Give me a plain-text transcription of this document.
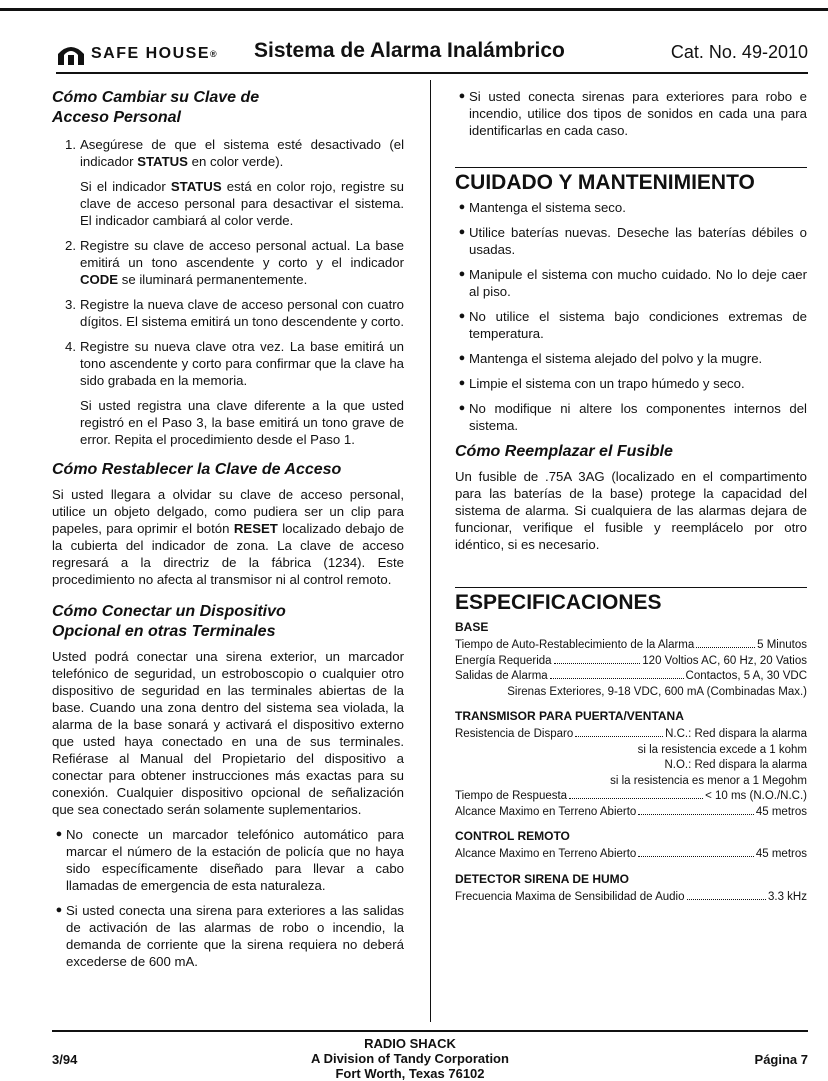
SAFE HOUSE ® Sistema de Alarma Inalámbrico	Cat. No. 49-2010
Cómo Cambiar su Clave de
Acceso Personal
1. Asegúrese de que el sistema esté desactivado (el indicador STATUS en color verde).

Si el indicador STATUS está en color rojo, registre su clave de acceso personal para desactivar el sistema. El indicador cambiará al color verde.

2. Registre su clave de acceso personal actual. La base emitirá un tono ascendente y corto y el indicador CODE se iluminará permanentemente.

3. Registre la nueva clave de acceso personal con cuatro dígitos. El sistema emitirá un tono descendente y corto.

4. Registre su nueva clave otra vez. La base emitirá un tono ascendente y corto para confirmar que la clave ha sido grabada en la memoria.

Si usted registra una clave diferente a la que usted registró en el Paso 3, la base emitirá un tono grave de error. Repita el procedimiento desde el Paso 1.

Cómo Restablecer la Clave de Acceso

Si usted llegara a olvidar su clave de acceso personal, utilice un objeto delgado, como pudiera ser un clip para papeles, para oprimir el botón RESET localizado debajo de la cubierta del indicador de zona. La clave de acceso regresará a la directriz de la fábrica (1234). Este procedimiento no afecta al transmisor ni al control remoto.

Cómo Conectar un Dispositivo
Opcional en otras Terminales

Usted podrá conectar una sirena exterior, un marcador telefónico de seguridad, un estroboscopio o cualquier otro dispositivo de seguridad en las terminales abiertas de la base. Cuando una zona dentro del sistema sea violada, la alarma de la base sonará y activará el dispositivo externo que usted haya conectado en una de sus terminales. Refiérase al Manual del Propietario del dispositivo a conectar para obtener instrucciones más exactas para su conexión. Cualquier dispositivo opcional de señalización que sea conectado serán solamente suplementarios.

● No conecte un marcador telefónico automático para marcar el número de la estación de policía que no haya sido específicamente diseñado para llevar a cabo llamadas de emergencia de esta naturaleza.
● Si usted conecta una sirena para exteriores a las salidas de activación de las alarmas de robo o incendio, la demanda de corriente que la sirena requiera no deberá excederse de 600 mA.
● Si usted conecta sirenas para exteriores para robo e incendio, utilice dos tipos de sonidos en cada una para identificarlas en cada caso.
CUIDADO Y MANTENIMIENTO
● Mantenga el sistema seco.
● Utilice baterías nuevas. Deseche las baterías débiles o usadas.
● Manipule el sistema con mucho cuidado. No lo deje caer al piso.
● No utilice el sistema bajo condiciones extremas de temperatura.
● Mantenga el sistema alejado del polvo y la mugre.
● Limpie el sistema con un trapo húmedo y seco.
● No modifique ni altere los componentes internos del sistema.
Cómo Reemplazar el Fusible

Un fusible de .75A 3AG (localizado en el compartimento para las baterías de la base) protege la capacidad del sistema de alarma. Si cualquiera de las alarmas dejara de funcionar, verifique el fusible y reemplácelo por otro idéntico, si es necesario.

ESPECIFICACIONES
BASE
Tiempo de Auto-Restablecimiento de la Alarma	5 Minutos
Energía Requerida	120 Voltios AC, 60 Hz, 20 Vatios
Salidas de Alarma	Contactos, 5 A, 30 VDC
Sirenas Exteriores, 9-18 VDC, 600 mA (Combinadas Max.)
TRANSMISOR PARA PUERTA/VENTANA
Resistencia de Disparo	N.C.: Red dispara la alarma
si la resistencia excede a 1 kohm
N.O.: Red dispara la alarma
si la resistencia es menor a 1 Megohm
Tiempo de Respuesta	< 10 ms (N.O./N.C.)
Alcance Maximo en Terreno Abierto	45 metros
CONTROL REMOTO
Alcance Maximo en Terreno Abierto	45 metros
DETECTOR SIRENA DE HUMO
Frecuencia Maxima de Sensibilidad de Audio	3.3 kHz
3/94
RADIO SHACK
A Division of Tandy Corporation
Fort Worth, Texas 76102
Página 7
